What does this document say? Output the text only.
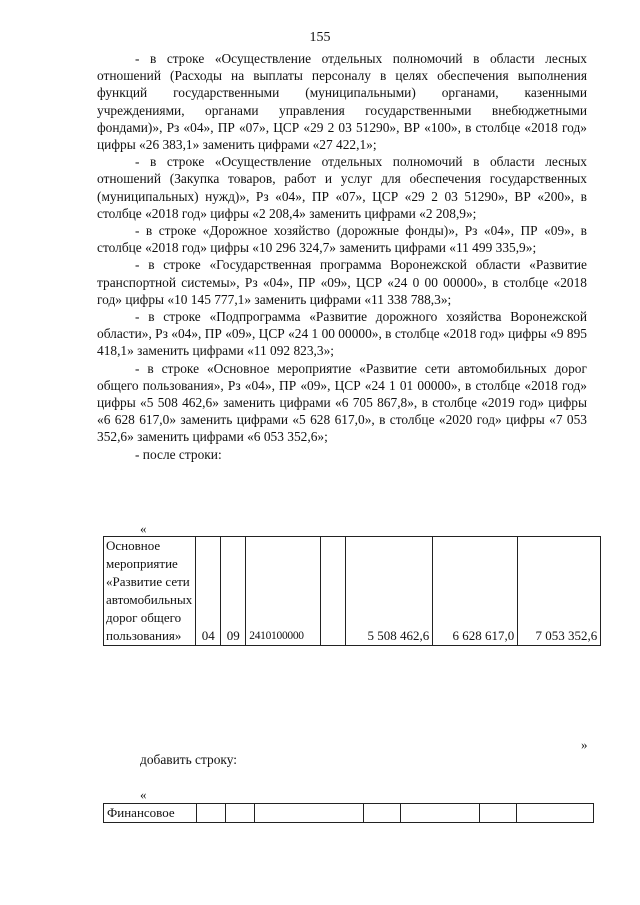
155

- в строке «Осуществление отдельных полномочий в области лесных отношений (Расходы на выплаты персоналу в целях обеспечения выполнения функций государственными (муниципальными) органами, казенными учреждениями, органами управления государственными внебюджетными фондами)», Рз «04», ПР «07», ЦСР «29 2 03 51290», ВР «100», в столбце «2018 год» цифры «26 383,1» заменить цифрами «27 422,1»;

- в строке «Осуществление отдельных полномочий в области лесных отношений (Закупка товаров, работ и услуг для обеспечения государственных (муниципальных) нужд)», Рз «04», ПР «07», ЦСР «29 2 03 51290», ВР «200», в столбце «2018 год» цифры «2 208,4» заменить цифрами «2 208,9»;

- в строке «Дорожное хозяйство (дорожные фонды)», Рз «04», ПР «09», в столбце «2018 год» цифры «10 296 324,7» заменить цифрами «11 499 335,9»;

- в строке «Государственная программа Воронежской области «Развитие транспортной системы», Рз «04», ПР «09», ЦСР «24 0 00 00000», в столбце «2018 год» цифры «10 145 777,1» заменить цифрами «11 338 788,3»;

- в строке «Подпрограмма «Развитие дорожного хозяйства Воронежской области», Рз «04», ПР «09», ЦСР «24 1 00 00000», в столбце «2018 год» цифры «9 895 418,1» заменить цифрами «11 092 823,3»;

- в строке «Основное мероприятие «Развитие сети автомобильных дорог общего пользования», Рз «04», ПР «09», ЦСР «24 1 01 00000», в столбце «2018 год» цифры «5 508 462,6» заменить цифрами «6 705 867,8», в столбце «2019 год» цифры «6 628 617,0» заменить цифрами «5 628 617,0», в столбце «2020 год» цифры «7 053 352,6» заменить цифрами «6 053 352,6»;

- после строки:

«
Основное мероприятие «Развитие сети автомобильных дорог общего пользования»	04	09	2410100000		5 508 462,6	6 628 617,0	7 053 352,6
»
добавить строку:
«
Финансовое							
